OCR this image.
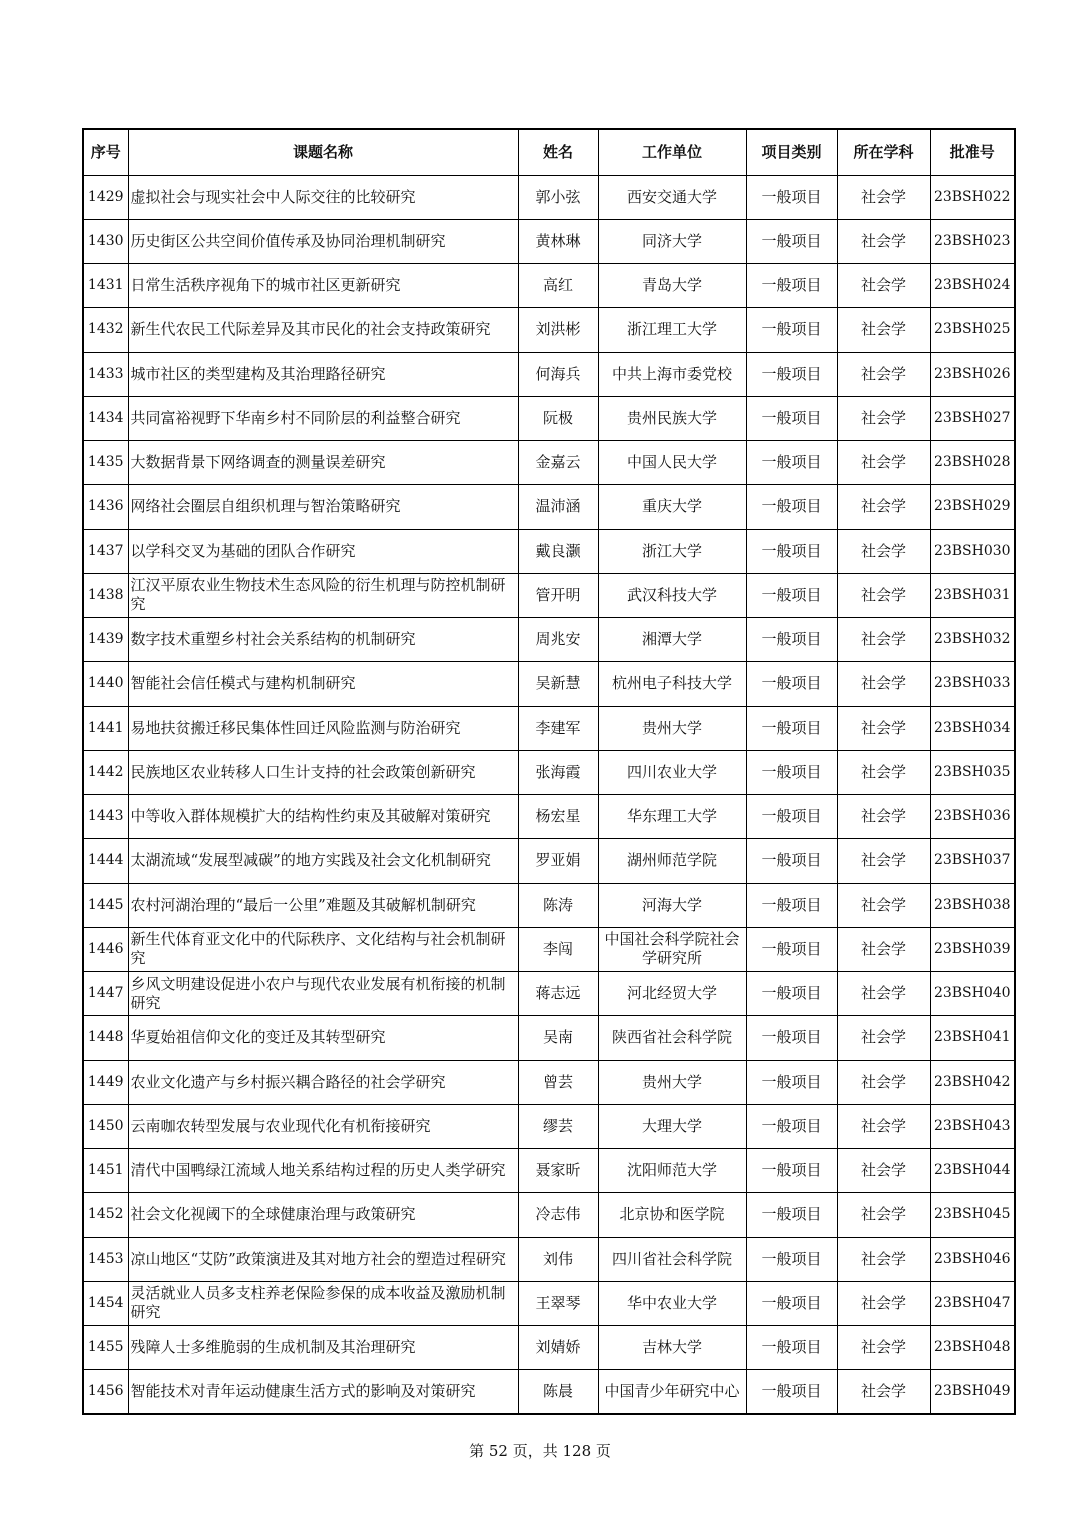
序号	课题名称	姓名	工作单位	项目类别	所在学科	批准号
1429	虚拟社会与现实社会中人际交往的比较研究	郭小弦	西安交通大学	一般项目	社会学	23BSH022
1430	历史街区公共空间价值传承及协同治理机制研究	黄林琳	同济大学	一般项目	社会学	23BSH023
1431	日常生活秩序视角下的城市社区更新研究	高红	青岛大学	一般项目	社会学	23BSH024
1432	新生代农民工代际差异及其市民化的社会支持政策研究	刘洪彬	浙江理工大学	一般项目	社会学	23BSH025
1433	城市社区的类型建构及其治理路径研究	何海兵	中共上海市委党校	一般项目	社会学	23BSH026
1434	共同富裕视野下华南乡村不同阶层的利益整合研究	阮极	贵州民族大学	一般项目	社会学	23BSH027
1435	大数据背景下网络调查的测量误差研究	金嘉云	中国人民大学	一般项目	社会学	23BSH028
1436	网络社会圈层自组织机理与智治策略研究	温沛涵	重庆大学	一般项目	社会学	23BSH029
1437	以学科交叉为基础的团队合作研究	戴良灏	浙江大学	一般项目	社会学	23BSH030
1438	江汉平原农业生物技术生态风险的衍生机理与防控机制研究	管开明	武汉科技大学	一般项目	社会学	23BSH031
1439	数字技术重塑乡村社会关系结构的机制研究	周兆安	湘潭大学	一般项目	社会学	23BSH032
1440	智能社会信任模式与建构机制研究	吴新慧	杭州电子科技大学	一般项目	社会学	23BSH033
1441	易地扶贫搬迁移民集体性回迁风险监测与防治研究	李建军	贵州大学	一般项目	社会学	23BSH034
1442	民族地区农业转移人口生计支持的社会政策创新研究	张海霞	四川农业大学	一般项目	社会学	23BSH035
1443	中等收入群体规模扩大的结构性约束及其破解对策研究	杨宏星	华东理工大学	一般项目	社会学	23BSH036
1444	太湖流域“发展型减碳”的地方实践及社会文化机制研究	罗亚娟	湖州师范学院	一般项目	社会学	23BSH037
1445	农村河湖治理的“最后一公里”难题及其破解机制研究	陈涛	河海大学	一般项目	社会学	23BSH038
1446	新生代体育亚文化中的代际秩序、文化结构与社会机制研究	李闯	中国社会科学院社会学研究所	一般项目	社会学	23BSH039
1447	乡风文明建设促进小农户与现代农业发展有机衔接的机制研究	蒋志远	河北经贸大学	一般项目	社会学	23BSH040
1448	华夏始祖信仰文化的变迁及其转型研究	吴南	陕西省社会科学院	一般项目	社会学	23BSH041
1449	农业文化遗产与乡村振兴耦合路径的社会学研究	曾芸	贵州大学	一般项目	社会学	23BSH042
1450	云南咖农转型发展与农业现代化有机衔接研究	缪芸	大理大学	一般项目	社会学	23BSH043
1451	清代中国鸭绿江流域人地关系结构过程的历史人类学研究	聂家昕	沈阳师范大学	一般项目	社会学	23BSH044
1452	社会文化视阈下的全球健康治理与政策研究	冷志伟	北京协和医学院	一般项目	社会学	23BSH045
1453	凉山地区“艾防”政策演进及其对地方社会的塑造过程研究	刘伟	四川省社会科学院	一般项目	社会学	23BSH046
1454	灵活就业人员多支柱养老保险参保的成本收益及激励机制研究	王翠琴	华中农业大学	一般项目	社会学	23BSH047
1455	残障人士多维脆弱的生成机制及其治理研究	刘婧娇	吉林大学	一般项目	社会学	23BSH048
1456	智能技术对青年运动健康生活方式的影响及对策研究	陈晨	中国青少年研究中心	一般项目	社会学	23BSH049
第 52 页，共 128 页
